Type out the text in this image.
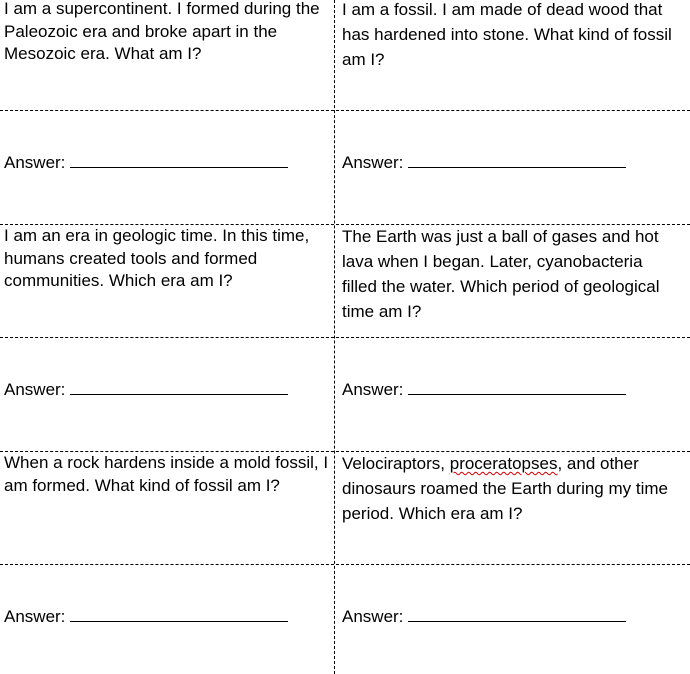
I am a supercontinent. I formed during the Paleozoic era and broke apart in the Mesozoic era. What am I?
I am a fossil. I am made of dead wood that has hardened into stone. What kind of fossil am I?
Answer:	Answer:
I am an era in geologic time. In this time, humans created tools and formed communities. Which era am I?
The Earth was just a ball of gases and hot lava when I began. Later, cyanobacteria filled the water. Which period of geological time am I?
Answer:	Answer:
When a rock hardens inside a mold fossil, I am formed. What kind of fossil am I?
Velociraptors, proceratopses, and other dinosaurs roamed the Earth during my time period. Which era am I?
Answer:	Answer:
